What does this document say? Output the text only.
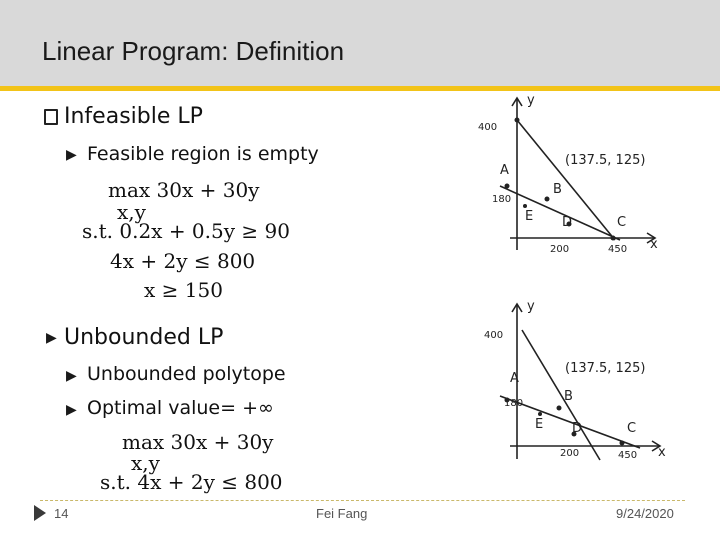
Linear Program: Definition
Infeasible LP
▶ Feasible region is empty
max 30x + 30y
x,y
s.t. 0.2x + 0.5y ≥ 90
4x + 2y ≤ 800
x ≥ 150
▶ Unbounded LP
▶ Unbounded polytope
▶ Optimal value= +∞
max 30x + 30y
x,y
s.t. 4x + 2y ≤ 800
y
x
400
180
200	450
A
B
C
D
E
(137.5, 125)
y
x
400
180
200	450
A
B
C
D
E
(137.5, 125)
14	Fei Fang	9/24/2020
